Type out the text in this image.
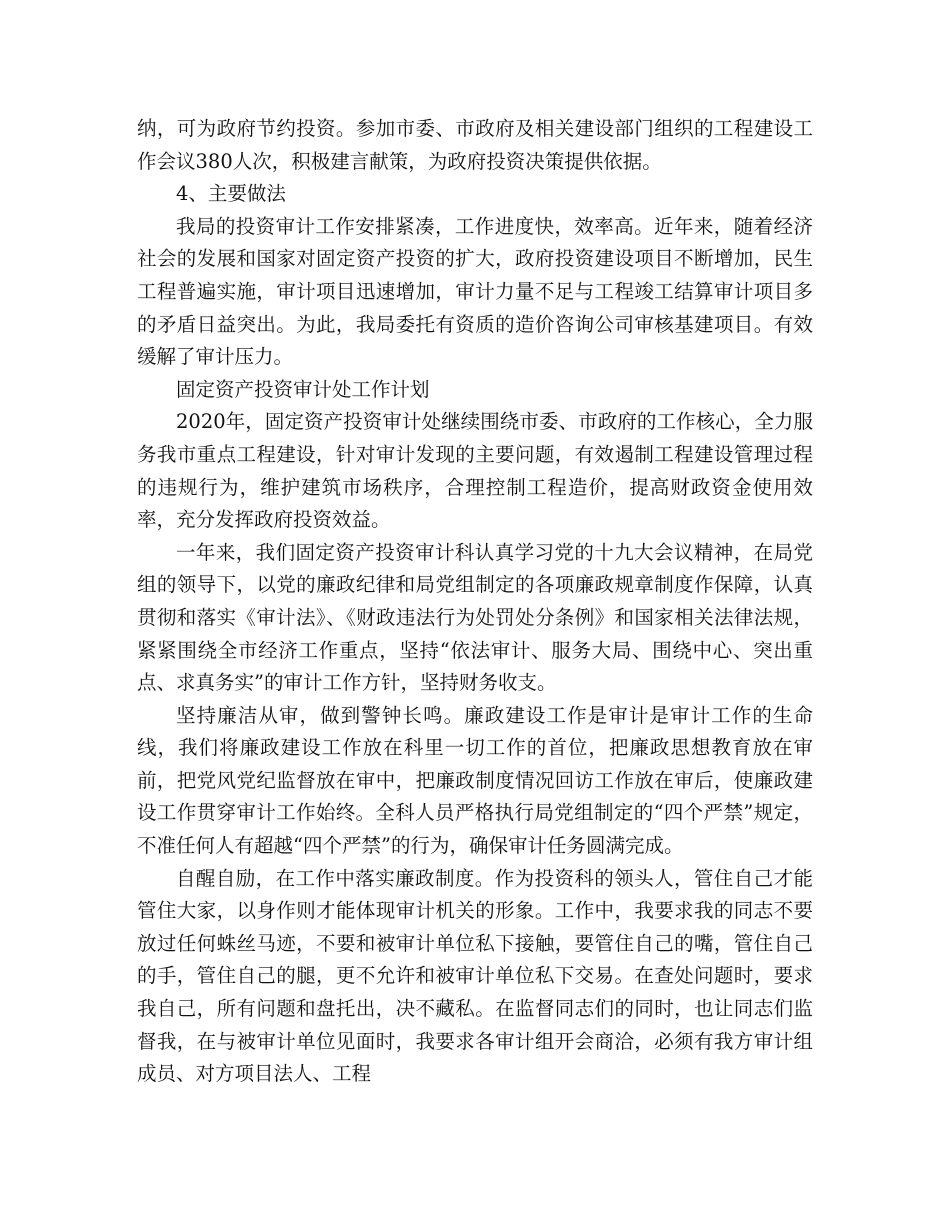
纳，可为政府节约投资。参加市委、市政府及相关建设部门组织的工程建设工作会议380人次，积极建言献策，为政府投资决策提供依据。

4、主要做法

我局的投资审计工作安排紧凑，工作进度快，效率高。近年来，随着经济社会的发展和国家对固定资产投资的扩大，政府投资建设项目不断增加，民生工程普遍实施，审计项目迅速增加，审计力量不足与工程竣工结算审计项目多的矛盾日益突出。为此，我局委托有资质的造价咨询公司审核基建项目。有效缓解了审计压力。

固定资产投资审计处工作计划

2020年，固定资产投资审计处继续围绕市委、市政府的工作核心，全力服务我市重点工程建设，针对审计发现的主要问题，有效遏制工程建设管理过程的违规行为，维护建筑市场秩序，合理控制工程造价，提高财政资金使用效率，充分发挥政府投资效益。

一年来，我们固定资产投资审计科认真学习党的十九大会议精神，在局党组的领导下，以党的廉政纪律和局党组制定的各项廉政规章制度作保障，认真贯彻和落实《审计法》、《财政违法行为处罚处分条例》和国家相关法律法规，紧紧围绕全市经济工作重点，坚持“依法审计、服务大局、围绕中心、突出重点、求真务实”的审计工作方针，坚持财务收支。

坚持廉洁从审，做到警钟长鸣。廉政建设工作是审计是审计工作的生命线，我们将廉政建设工作放在科里一切工作的首位，把廉政思想教育放在审前，把党风党纪监督放在审中，把廉政制度情况回访工作放在审后，使廉政建设工作贯穿审计工作始终。全科人员严格执行局党组制定的“四个严禁”规定，不准任何人有超越“四个严禁”的行为，确保审计任务圆满完成。

自醒自励，在工作中落实廉政制度。作为投资科的领头人，管住自己才能管住大家，以身作则才能体现审计机关的形象。工作中，我要求我的同志不要放过任何蛛丝马迹，不要和被审计单位私下接触，要管住自己的嘴，管住自己的手，管住自己的腿，更不允许和被审计单位私下交易。在查处问题时，要求我自己，所有问题和盘托出，决不藏私。在监督同志们的同时，也让同志们监督我，在与被审计单位见面时，我要求各审计组开会商洽，必须有我方审计组成员、对方项目法人、工程
